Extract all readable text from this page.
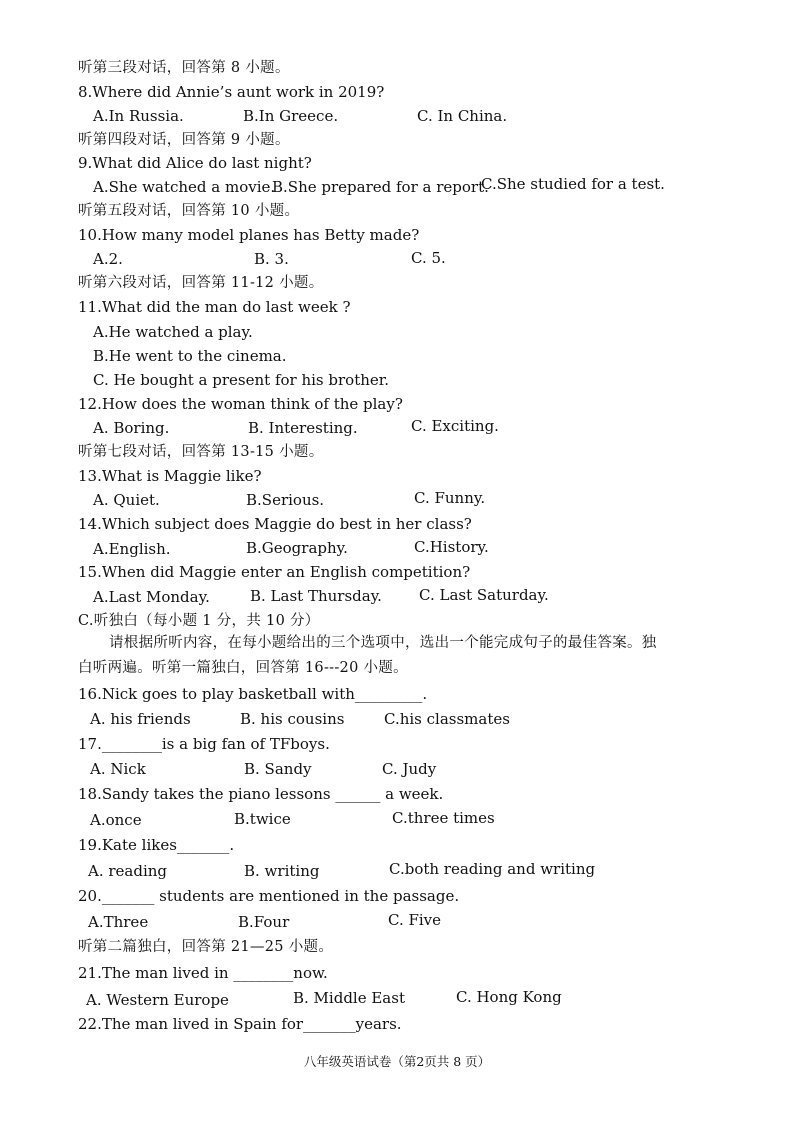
听第三段对话，回答第 8 小题。
8.Where did Annie’s aunt work in 2019?
A.In Russia.	B.In Greece.	C. In China.
听第四段对话，回答第 9 小题。
9.What did Alice do last night?
A.She watched a movie.
B.She prepared for a report.
C.She studied for a test.
听第五段对话，回答第 10 小题。
10.How many model planes has Betty made?
A.2.	B. 3.	C. 5.
听第六段对话，回答第 11-12 小题。
11.What did the man do last week ?
A.He watched a play.
B.He went to the cinema.
C. He bought a present for his brother.
12.How does the woman think of the play?
A. Boring.	B. Interesting.	C. Exciting.
听第七段对话，回答第 13-15 小题。
13.What is Maggie like?
A. Quiet.	B.Serious.	C. Funny.
14.Which subject does Maggie do best in her class?
A.English.	B.Geography.	C.History.
15.When did Maggie enter an English competition?
A.Last Monday.	B. Last Thursday. C. Last Saturday.
C.听独白（每小题 1 分，共 10 分）
请根据所听内容，在每小题给出的三个选项中，选出一个能完成句子的最佳答案。独
白听两遍。听第一篇独白，回答第 16---20 小题。
16.Nick goes to play basketball with_________.
A. his friends	B. his cousins	C.his classmates
17.________is a big fan of TFboys.
A. Nick	B. Sandy	C. Judy
18.Sandy takes the piano lessons ______ a week.
A.once	B.twice	C.three times
19.Kate likes_______.
A. reading	B. writing	C.both reading and writing
20._______ students are mentioned in the passage.
A.Three	B.Four	C. Five
听第二篇独白，回答第 21—25 小题。
21.The man lived in ________now.
A. Western Europe	B. Middle East	C. Hong Kong
22.The man lived in Spain for_______years.
八年级英语试卷（第2页共 8 页）
